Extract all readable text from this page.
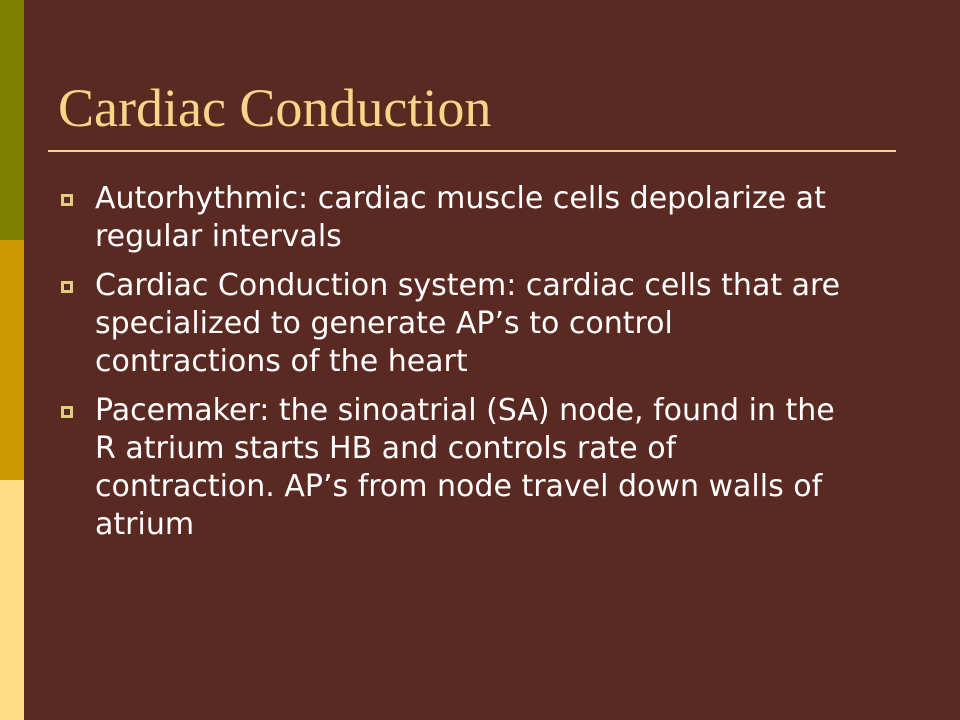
Cardiac Conduction
Autorhythmic: cardiac muscle cells depolarize at regular intervals
Cardiac Conduction system: cardiac cells that are specialized to generate AP’s to control contractions of the heart
Pacemaker: the sinoatrial (SA) node, found in the R atrium starts HB and controls rate of contraction. AP’s from node travel down walls of atrium
